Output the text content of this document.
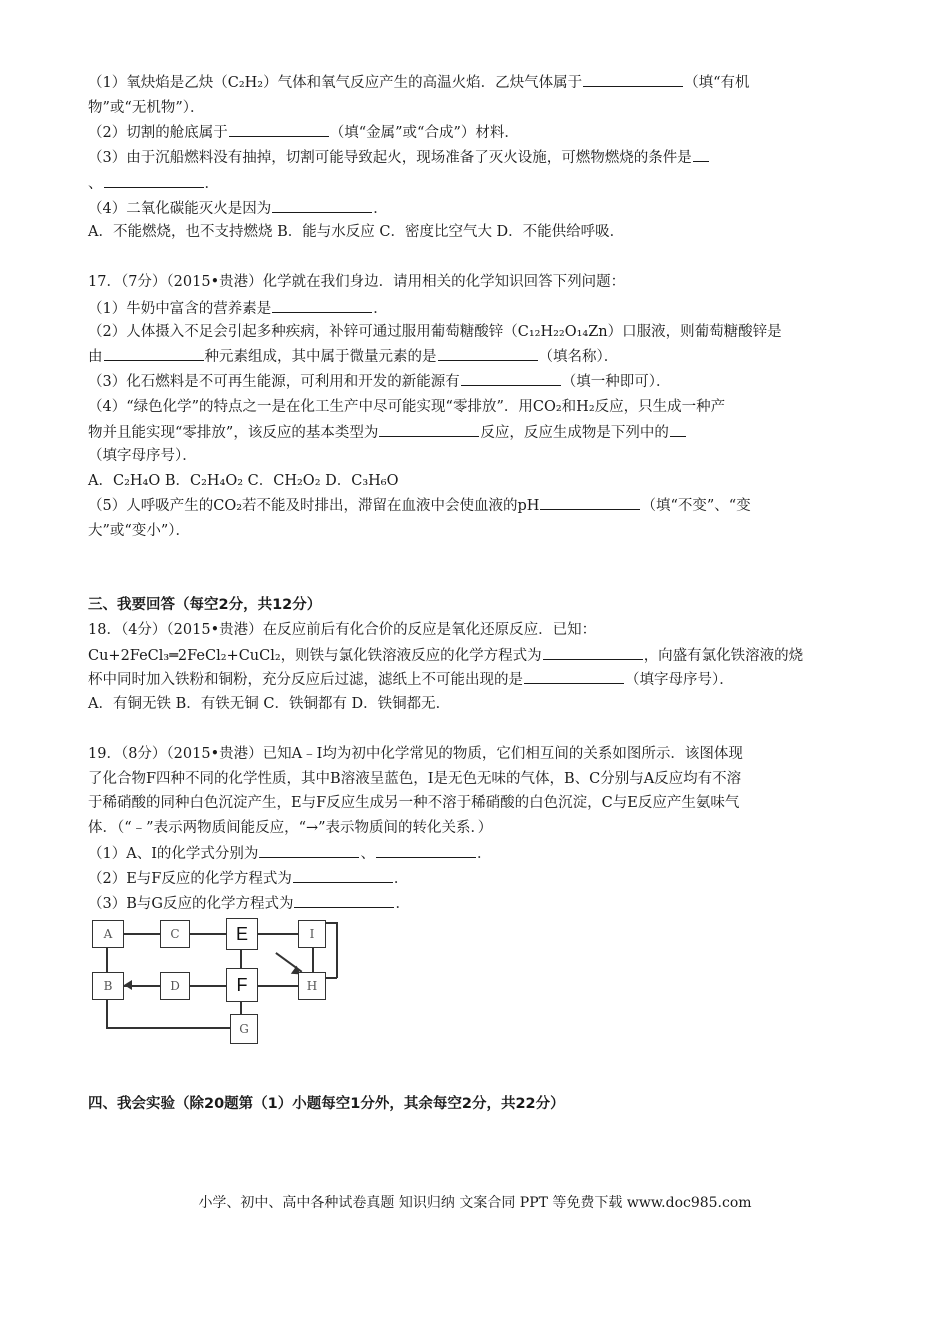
（1）氧炔焰是乙炔（C₂H₂）气体和氧气反应产生的高温火焰．乙炔气体属于	（填“有机
物”或“无机物”）．
（2）切割的舱底属于	（填“金属”或“合成”）材料．
（3）由于沉船燃料没有抽掉，切割可能导致起火，现场准备了灭火设施，可燃物燃烧的条件是
、	．
（4）二氧化碳能灭火是因为	．
A．不能燃烧，也不支持燃烧 B．能与水反应 C．密度比空气大 D．不能供给呼吸．
17．（7分）（2015•贵港）化学就在我们身边．请用相关的化学知识回答下列问题：
（1）牛奶中富含的营养素是	．
（2）人体摄入不足会引起多种疾病，补锌可通过服用葡萄糖酸锌（C₁₂H₂₂O₁₄Zn）口服液，则葡萄糖酸锌是
由	种元素组成，其中属于微量元素的是	（填名称）．
（3）化石燃料是不可再生能源，可利用和开发的新能源有	（填一种即可）．
（4）“绿色化学”的特点之一是在化工生产中尽可能实现“零排放”．用CO₂和H₂反应，只生成一种产
物并且能实现“零排放”，该反应的基本类型为	反应，反应生成物是下列中的
（填字母序号）．
A．C₂H₄O B．C₂H₄O₂ C．CH₂O₂ D．C₃H₆O
（5）人呼吸产生的CO₂若不能及时排出，滞留在血液中会使血液的pH	（填“不变”、“变
大”或“变小”）．
三、我要回答（每空2分，共12分）
18．（4分）（2015•贵港）在反应前后有化合价的反应是氧化还原反应．已知：
Cu+2FeCl₃═2FeCl₂+CuCl₂，则铁与氯化铁溶液反应的化学方程式为	，向盛有氯化铁溶液的烧
杯中同时加入铁粉和铜粉，充分反应后过滤，滤纸上不可能出现的是	（填字母序号）．
A．有铜无铁 B．有铁无铜 C．铁铜都有 D．铁铜都无．
19．（8分）（2015•贵港）已知A﹣I均为初中化学常见的物质，它们相互间的关系如图所示．该图体现
了化合物F四种不同的化学性质，其中B溶液呈蓝色，I是无色无味的气体，B、C分别与A反应均有不溶
于稀硝酸的同种白色沉淀产生，E与F反应生成另一种不溶于稀硝酸的白色沉淀，C与E反应产生氨味气
体．（“﹣”表示两物质间能反应，“→”表示物质间的转化关系．）
（1）A、I的化学式分别为	、	．
（2）E与F反应的化学方程式为	．
（3）B与G反应的化学方程式为	．
A	C	E	I
B	D	F	H
G
四、我会实验（除20题第（1）小题每空1分外，其余每空2分，共22分）
小学、初中、高中各种试卷真题 知识归纳 文案合同 PPT 等免费下载 www.doc985.com
